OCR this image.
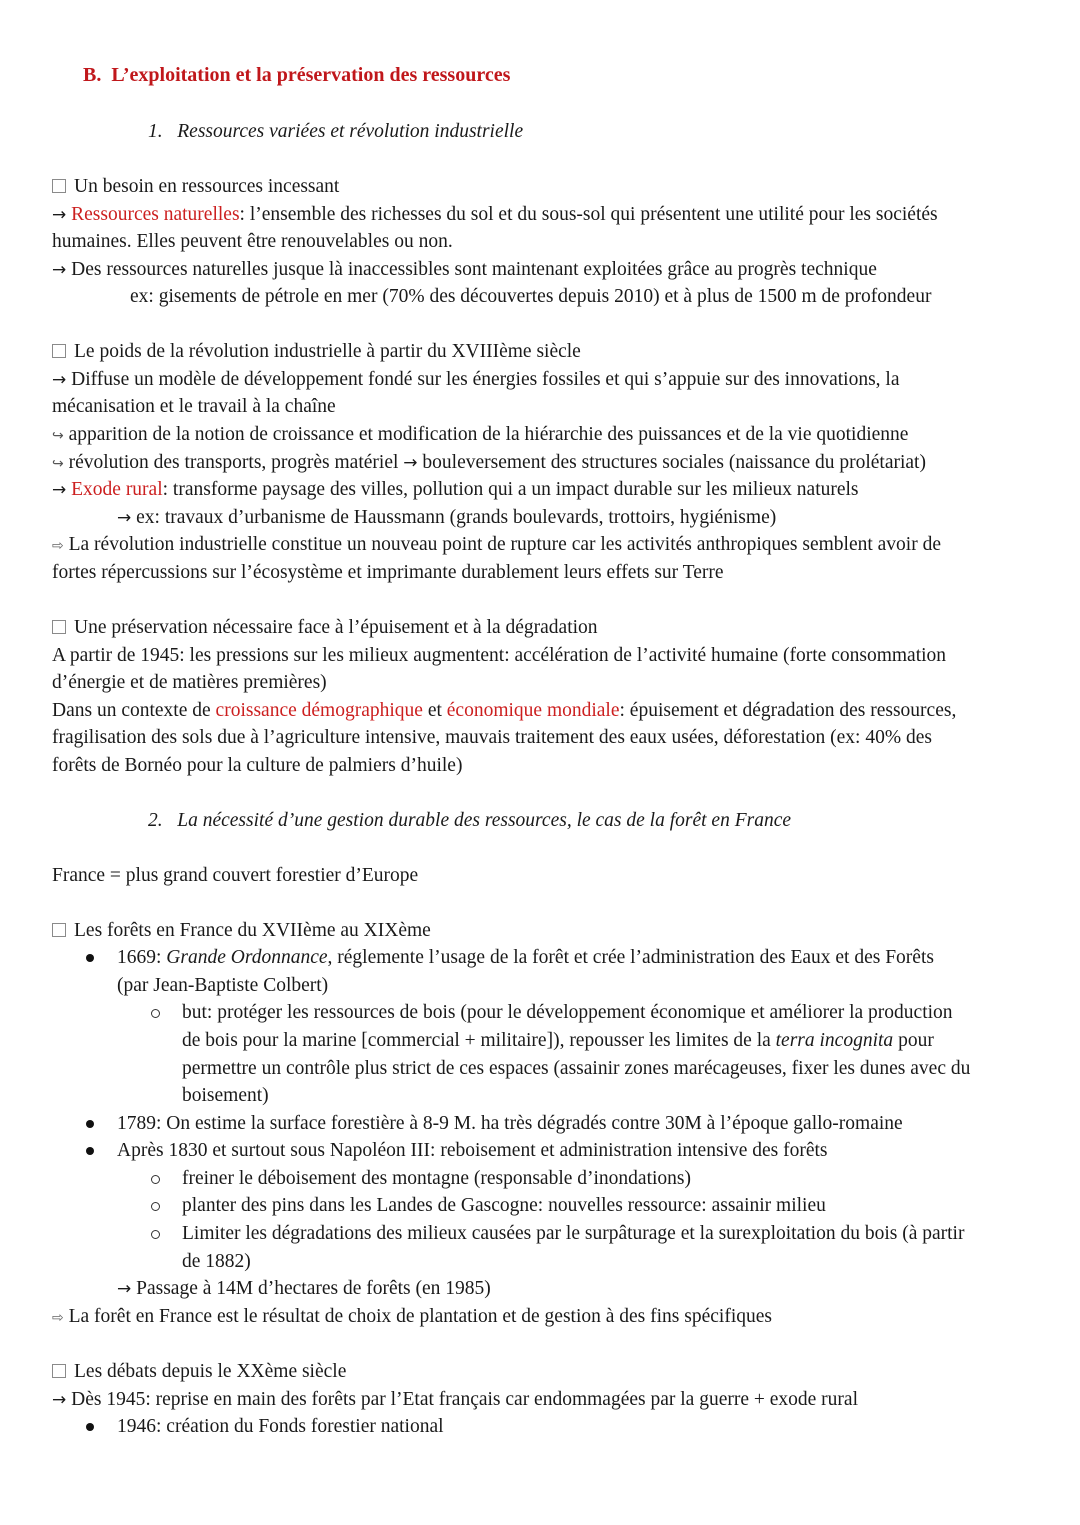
B. L’exploitation et la préservation des ressources
1. Ressources variées et révolution industrielle
Un besoin en ressources incessant
→ Ressources naturelles: l’ensemble des richesses du sol et du sous-sol qui présentent une utilité pour les sociétés
humaines. Elles peuvent être renouvelables ou non.
→ Des ressources naturelles jusque là inaccessibles sont maintenant exploitées grâce au progrès technique
ex: gisements de pétrole en mer (70% des découvertes depuis 2010) et à plus de 1500 m de profondeur
Le poids de la révolution industrielle à partir du XVIIIème siècle
→ Diffuse un modèle de développement fondé sur les énergies fossiles et qui s’appuie sur des innovations, la
mécanisation et le travail à la chaîne
↪ apparition de la notion de croissance et modification de la hiérarchie des puissances et de la vie quotidienne
↪ révolution des transports, progrès matériel → bouleversement des structures sociales (naissance du prolétariat)
→ Exode rural: transforme paysage des villes, pollution qui a un impact durable sur les milieux naturels
→ ex: travaux d’urbanisme de Haussmann (grands boulevards, trottoirs, hygiénisme)
⇨ La révolution industrielle constitue un nouveau point de rupture car les activités anthropiques semblent avoir de
fortes répercussions sur l’écosystème et imprimante durablement leurs effets sur Terre
Une préservation nécessaire face à l’épuisement et à la dégradation
A partir de 1945: les pressions sur les milieux augmentent: accélération de l’activité humaine (forte consommation
d’énergie et de matières premières)
Dans un contexte de croissance démographique et économique mondiale: épuisement et dégradation des ressources,
fragilisation des sols due à l’agriculture intensive, mauvais traitement des eaux usées, déforestation (ex: 40% des
forêts de Bornéo pour la culture de palmiers d’huile)
2. La nécessité d’une gestion durable des ressources, le cas de la forêt en France
France = plus grand couvert forestier d’Europe
Les forêts en France du XVIIème au XIXème
1669: Grande Ordonnance, réglemente l’usage de la forêt et crée l’administration des Eaux et des Forêts
(par Jean-Baptiste Colbert)
but: protéger les ressources de bois (pour le développement économique et améliorer la production
de bois pour la marine [commercial + militaire]), repousser les limites de la terra incognita pour
permettre un contrôle plus strict de ces espaces (assainir zones marécageuses, fixer les dunes avec du
boisement)
1789: On estime la surface forestière à 8-9 M. ha très dégradés contre 30M à l’époque gallo-romaine
Après 1830 et surtout sous Napoléon III: reboisement et administration intensive des forêts
freiner le déboisement des montagne (responsable d’inondations)
planter des pins dans les Landes de Gascogne: nouvelles ressource: assainir milieu
Limiter les dégradations des milieux causées par le surpâturage et la surexploitation du bois (à partir
de 1882)
→ Passage à 14M d’hectares de forêts (en 1985)
⇨ La forêt en France est le résultat de choix de plantation et de gestion à des fins spécifiques
Les débats depuis le XXème siècle
→ Dès 1945: reprise en main des forêts par l’Etat français car endommagées par la guerre + exode rural
1946: création du Fonds forestier national
